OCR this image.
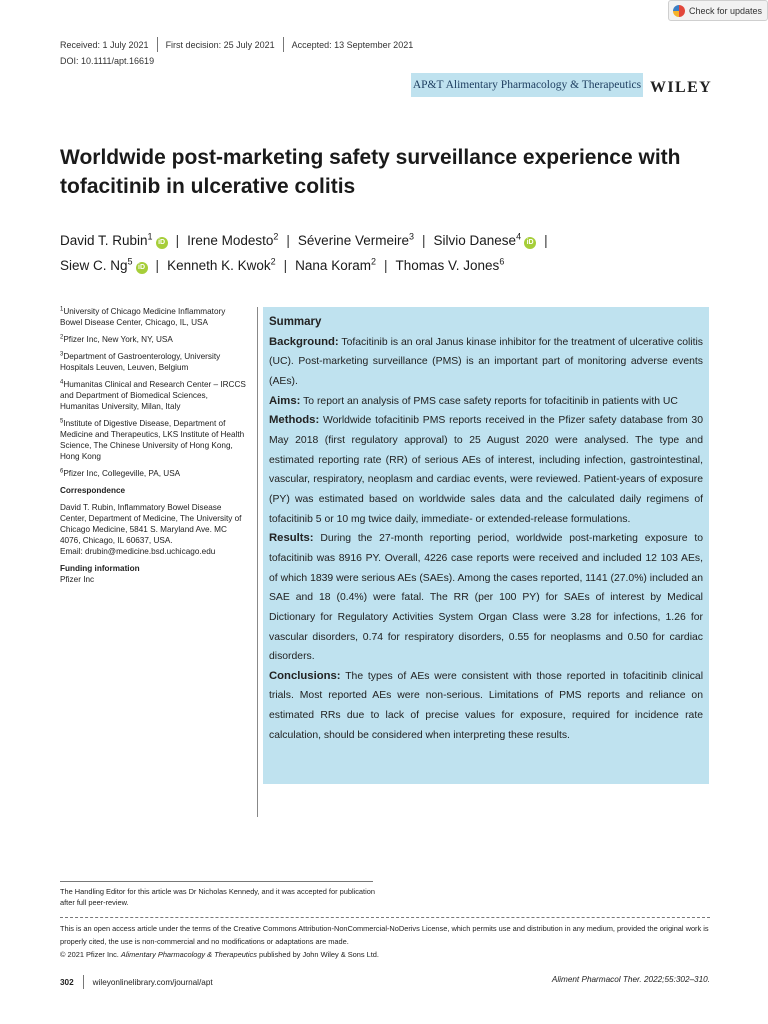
Check for updates
Received: 1 July 2021 First decision: 25 July 2021 Accepted: 13 September 2021
DOI: 10.1111/apt.16619
AP&T Alimentary Pharmacology & Therapeutics WILEY
Worldwide post-marketing safety surveillance experience with tofacitinib in ulcerative colitis
David T. Rubin$^1$iD | Irene Modesto$^2$ | Séverine Vermeire$^3$ | Silvio Danese$^4$iD |
Siew C. Ng$^5$iD | Kenneth K. Kwok$^2$ | Nana Koram$^2$ | Thomas V. Jones$^6$

$^1$University of Chicago Medicine Inflammatory Bowel Disease Center, Chicago, IL, USA

$^2$Pfizer Inc, New York, NY, USA

$^3$Department of Gastroenterology, University Hospitals Leuven, Leuven, Belgium

$^4$Humanitas Clinical and Research Center – IRCCS and Department of Biomedical Sciences, Humanitas University, Milan, Italy

$^5$Institute of Digestive Disease, Department of Medicine and Therapeutics, LKS Institute of Health Science, The Chinese University of Hong Kong, Hong Kong

$^6$Pfizer Inc, Collegeville, PA, USA

Correspondence

David T. Rubin, Inflammatory Bowel Disease Center, Department of Medicine, The University of Chicago Medicine, 5841 S. Maryland Ave. MC 4076, Chicago, IL 60637, USA.

Email: drubin@medicine.bsd.uchicago.edu

Funding information

Pfizer Inc

Summary

Background: Tofacitinib is an oral Janus kinase inhibitor for the treatment of ulcerative colitis (UC). Post-marketing surveillance (PMS) is an important part of monitoring adverse events (AEs).

Aims: To report an analysis of PMS case safety reports for tofacitinib in patients with UC

Methods: Worldwide tofacitinib PMS reports received in the Pfizer safety database from 30 May 2018 (first regulatory approval) to 25 August 2020 were analysed. The type and estimated reporting rate (RR) of serious AEs of interest, including infection, gastrointestinal, vascular, respiratory, neoplasm and cardiac events, were reviewed. Patient-years of exposure (PY) was estimated based on worldwide sales data and the calculated daily regimens of tofacitinib 5 or 10 mg twice daily, immediate- or extended-release formulations.

Results: During the 27-month reporting period, worldwide post-marketing exposure to tofacitinib was 8916 PY. Overall, 4226 case reports were received and included 12 103 AEs, of which 1839 were serious AEs (SAEs). Among the cases reported, 1141 (27.0%) included an SAE and 18 (0.4%) were fatal. The RR (per 100 PY) for SAEs of interest by Medical Dictionary for Regulatory Activities System Organ Class were 3.28 for infections, 1.26 for vascular disorders, 0.74 for respiratory disorders, 0.55 for neoplasms and 0.50 for cardiac disorders.

Conclusions: The types of AEs were consistent with those reported in tofacitinib clinical trials. Most reported AEs were non-serious. Limitations of PMS reports and reliance on estimated RRs due to lack of precise values for exposure, required for incidence rate calculation, should be considered when interpreting these results.

The Handling Editor for this article was Dr Nicholas Kennedy, and it was accepted for publication after full peer-review.
This is an open access article under the terms of the Creative Commons Attribution-NonCommercial-NoDerivs License, which permits use and distribution in any medium, provided the original work is properly cited, the use is non-commercial and no modifications or adaptations are made.
© 2021 Pfizer Inc. Alimentary Pharmacology & Therapeutics published by John Wiley & Sons Ltd.
302 wileyonlinelibrary.com/journal/apt	Aliment Pharmacol Ther. 2022;55:302–310.
